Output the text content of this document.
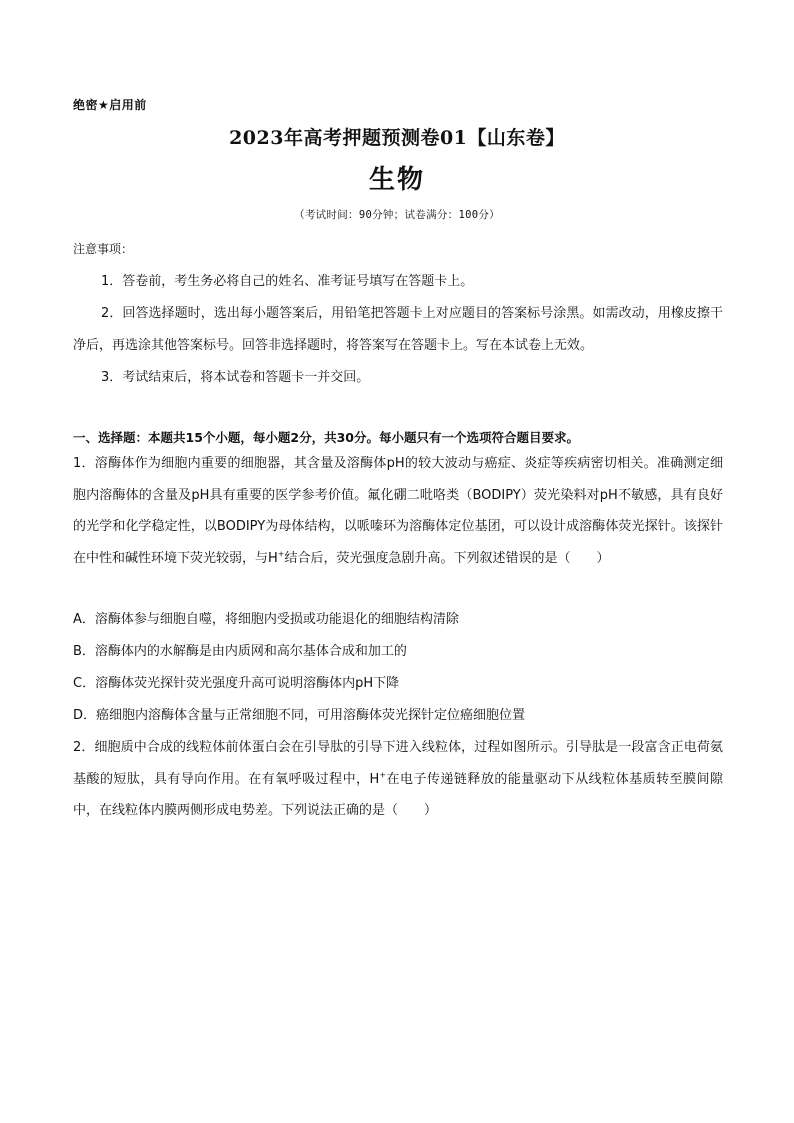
绝密★启用前
2023年高考押题预测卷01【山东卷】
生物
（考试时间：90分钟；试卷满分：100分）
注意事项：
1．答卷前，考生务必将自己的姓名、准考证号填写在答题卡上。
2．回答选择题时，选出每小题答案后，用铅笔把答题卡上对应题目的答案标号涂黑。如需改动，用橡皮擦干净后，再选涂其他答案标号。回答非选择题时，将答案写在答题卡上。写在本试卷上无效。
3．考试结束后，将本试卷和答题卡一并交回。
一、选择题：本题共15个小题，每小题2分，共30分。每小题只有一个选项符合题目要求。
1．溶酶体作为细胞内重要的细胞器，其含量及溶酶体pH的较大波动与癌症、炎症等疾病密切相关。准确测定细胞内溶酶体的含量及pH具有重要的医学参考价值。氟化硼二吡咯类（BODIPY）荧光染料对pH不敏感，具有良好的光学和化学稳定性，以BODIPY为母体结构，以哌嗪环为溶酶体定位基团，可以设计成溶酶体荧光探针。该探针在中性和碱性环境下荧光较弱，与H+结合后，荧光强度急剧升高。下列叙述错误的是（　　）
A．溶酶体参与细胞自噬，将细胞内受损或功能退化的细胞结构清除
B．溶酶体内的水解酶是由内质网和高尔基体合成和加工的
C．溶酶体荧光探针荧光强度升高可说明溶酶体内pH下降
D．癌细胞内溶酶体含量与正常细胞不同，可用溶酶体荧光探针定位癌细胞位置
2．细胞质中合成的线粒体前体蛋白会在引导肽的引导下进入线粒体，过程如图所示。引导肽是一段富含正电荷氨基酸的短肽，具有导向作用。在有氧呼吸过程中，H+在电子传递链释放的能量驱动下从线粒体基质转至膜间隙中，在线粒体内膜两侧形成电势差。下列说法正确的是（　　）
